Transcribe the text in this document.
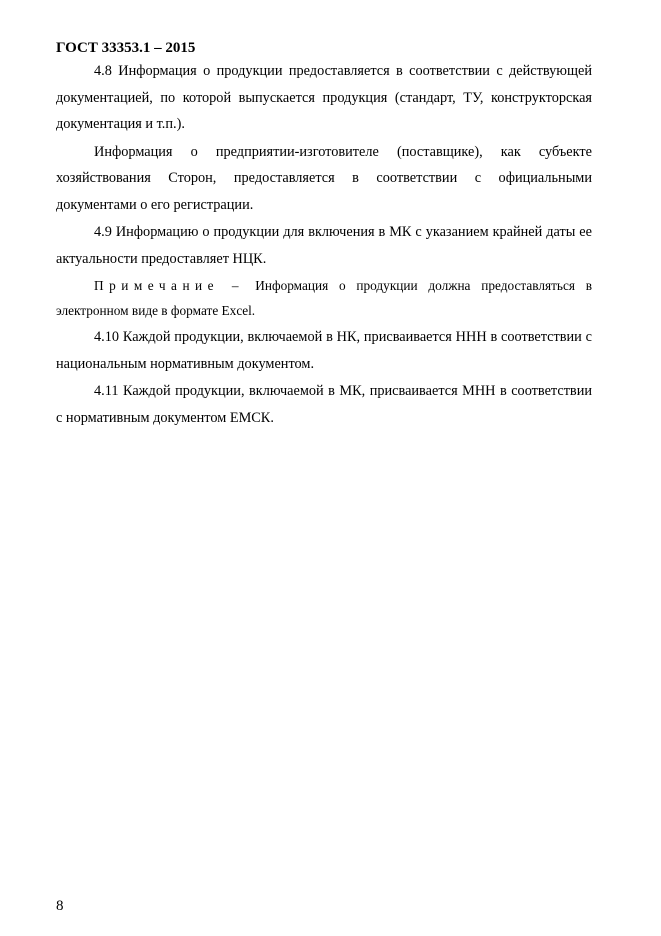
ГОСТ 33353.1 – 2015

4.8 Информация о продукции предоставляется в соответствии с действующей документацией, по которой выпускается продукция (стандарт, ТУ, конструкторская документация и т.п.).

Информация о предприятии-изготовителе (поставщике), как субъекте хозяйствования Сторон, предоставляется в соответствии с официальными документами о его регистрации.

4.9 Информацию о продукции для включения в МК с указанием крайней даты ее актуальности предоставляет НЦК.

Примечание – Информация о продукции должна предоставляться в электронном виде в формате Excel.

4.10 Каждой продукции, включаемой в НК, присваивается ННН в соответствии с национальным нормативным документом.

4.11 Каждой продукции, включаемой в МК, присваивается МНН в соответствии с нормативным документом ЕМСК.

8
